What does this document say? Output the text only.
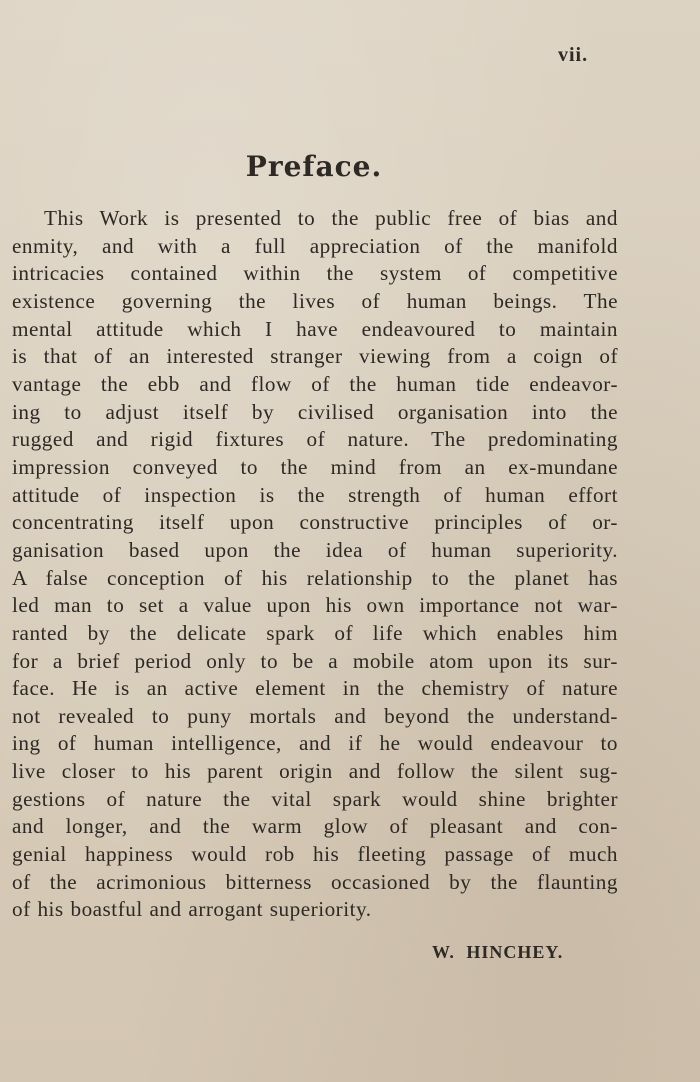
vii.
Preface.
This Work is presented to the public free of bias and
enmity, and with a full appreciation of the manifold
intricacies contained within the system of competitive
existence governing the lives of human beings. The
mental attitude which I have endeavoured to maintain
is that of an interested stranger viewing from a coign of
vantage the ebb and flow of the human tide endeavor-
ing to adjust itself by civilised organisation into the
rugged and rigid fixtures of nature. The predominating
impression conveyed to the mind from an ex-mundane
attitude of inspection is the strength of human effort
concentrating itself upon constructive principles of or-
ganisation based upon the idea of human superiority.
A false conception of his relationship to the planet has
led man to set a value upon his own importance not war-
ranted by the delicate spark of life which enables him
for a brief period only to be a mobile atom upon its sur-
face. He is an active element in the chemistry of nature
not revealed to puny mortals and beyond the understand-
ing of human intelligence, and if he would endeavour to
live closer to his parent origin and follow the silent sug-
gestions of nature the vital spark would shine brighter
and longer, and the warm glow of pleasant and con-
genial happiness would rob his fleeting passage of much
of the acrimonious bitterness occasioned by the flaunting
of his boastful and arrogant superiority.
W. HINCHEY.
